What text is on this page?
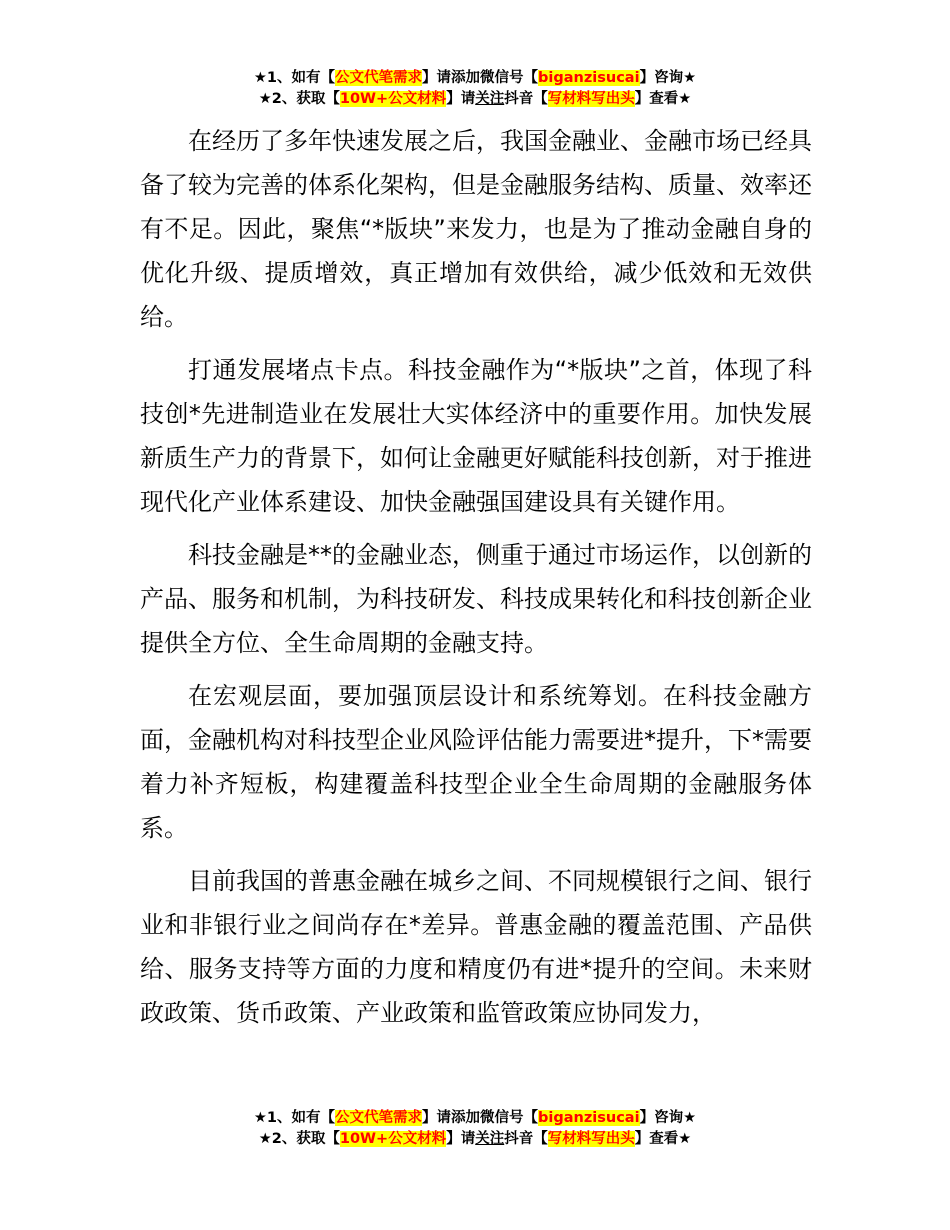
★1、如有【公文代笔需求】请添加微信号【biganzisucai】咨询★
★2、获取【10W+公文材料】请关注抖音【写材料写出头】查看★

在经历了多年快速发展之后，我国金融业、金融市场已经具备了较为完善的体系化架构，但是金融服务结构、质量、效率还有不足。因此，聚焦“*版块”来发力，也是为了推动金融自身的优化升级、提质增效，真正增加有效供给，减少低效和无效供给。

打通发展堵点卡点。科技金融作为“*版块”之首，体现了科技创*先进制造业在发展壮大实体经济中的重要作用。加快发展新质生产力的背景下，如何让金融更好赋能科技创新，对于推进现代化产业体系建设、加快金融强国建设具有关键作用。

科技金融是**的金融业态，侧重于通过市场运作，以创新的产品、服务和机制，为科技研发、科技成果转化和科技创新企业提供全方位、全生命周期的金融支持。

在宏观层面，要加强顶层设计和系统筹划。在科技金融方面，金融机构对科技型企业风险评估能力需要进*提升，下*需要着力补齐短板，构建覆盖科技型企业全生命周期的金融服务体系。

目前我国的普惠金融在城乡之间、不同规模银行之间、银行业和非银行业之间尚存在*差异。普惠金融的覆盖范围、产品供给、服务支持等方面的力度和精度仍有进*提升的空间。未来财政政策、货币政策、产业政策和监管政策应协同发力，

★1、如有【公文代笔需求】请添加微信号【biganzisucai】咨询★
★2、获取【10W+公文材料】请关注抖音【写材料写出头】查看★
